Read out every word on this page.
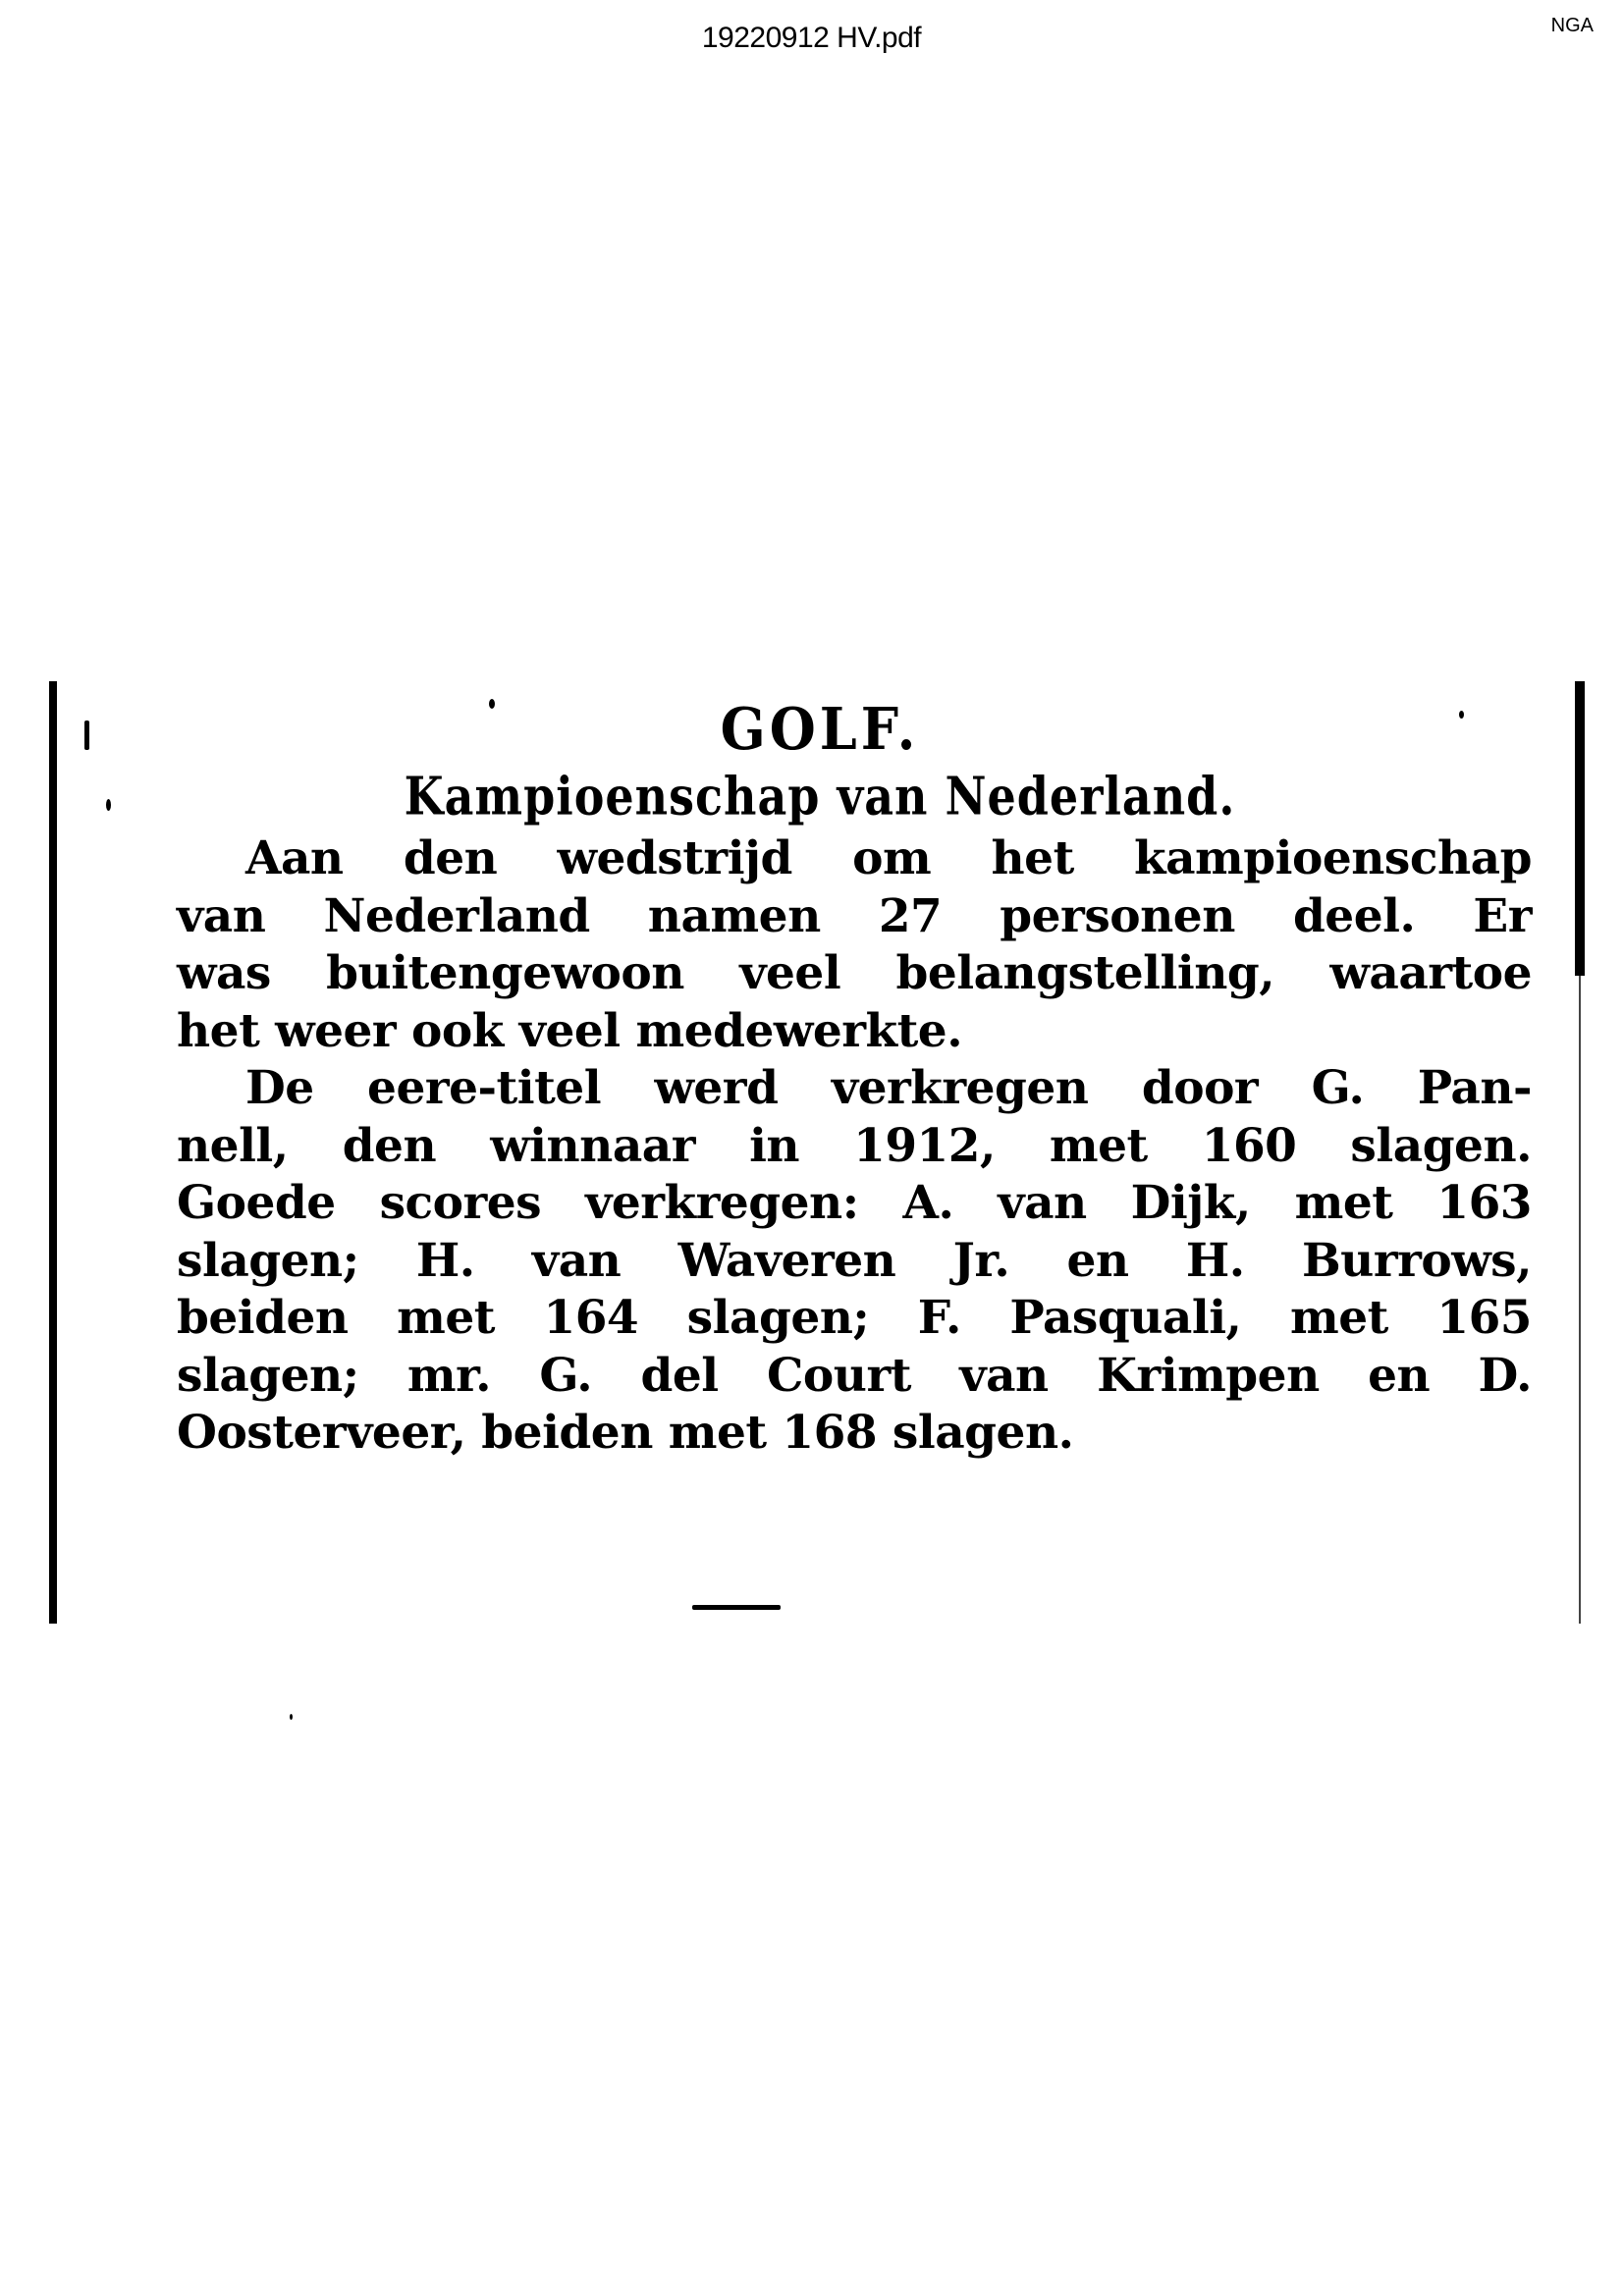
19220912 HV.pdf	NGA
GOLF.
Kampioenschap van Nederland.
Aan den wedstrijd om het kampioenschap
van Nederland namen 27 personen deel. Er
was buitengewoon veel belangstelling, waartoe
het weer ook veel medewerkte.
De eere-titel werd verkregen door G. Pan-
nell, den winnaar in 1912, met 160 slagen.
Goede scores verkregen: A. van Dijk, met 163
slagen; H. van Waveren Jr. en H. Burrows,
beiden met 164 slagen; F. Pasquali, met 165
slagen; mr. G. del Court van Krimpen en D.
Oosterveer, beiden met 168 slagen.
